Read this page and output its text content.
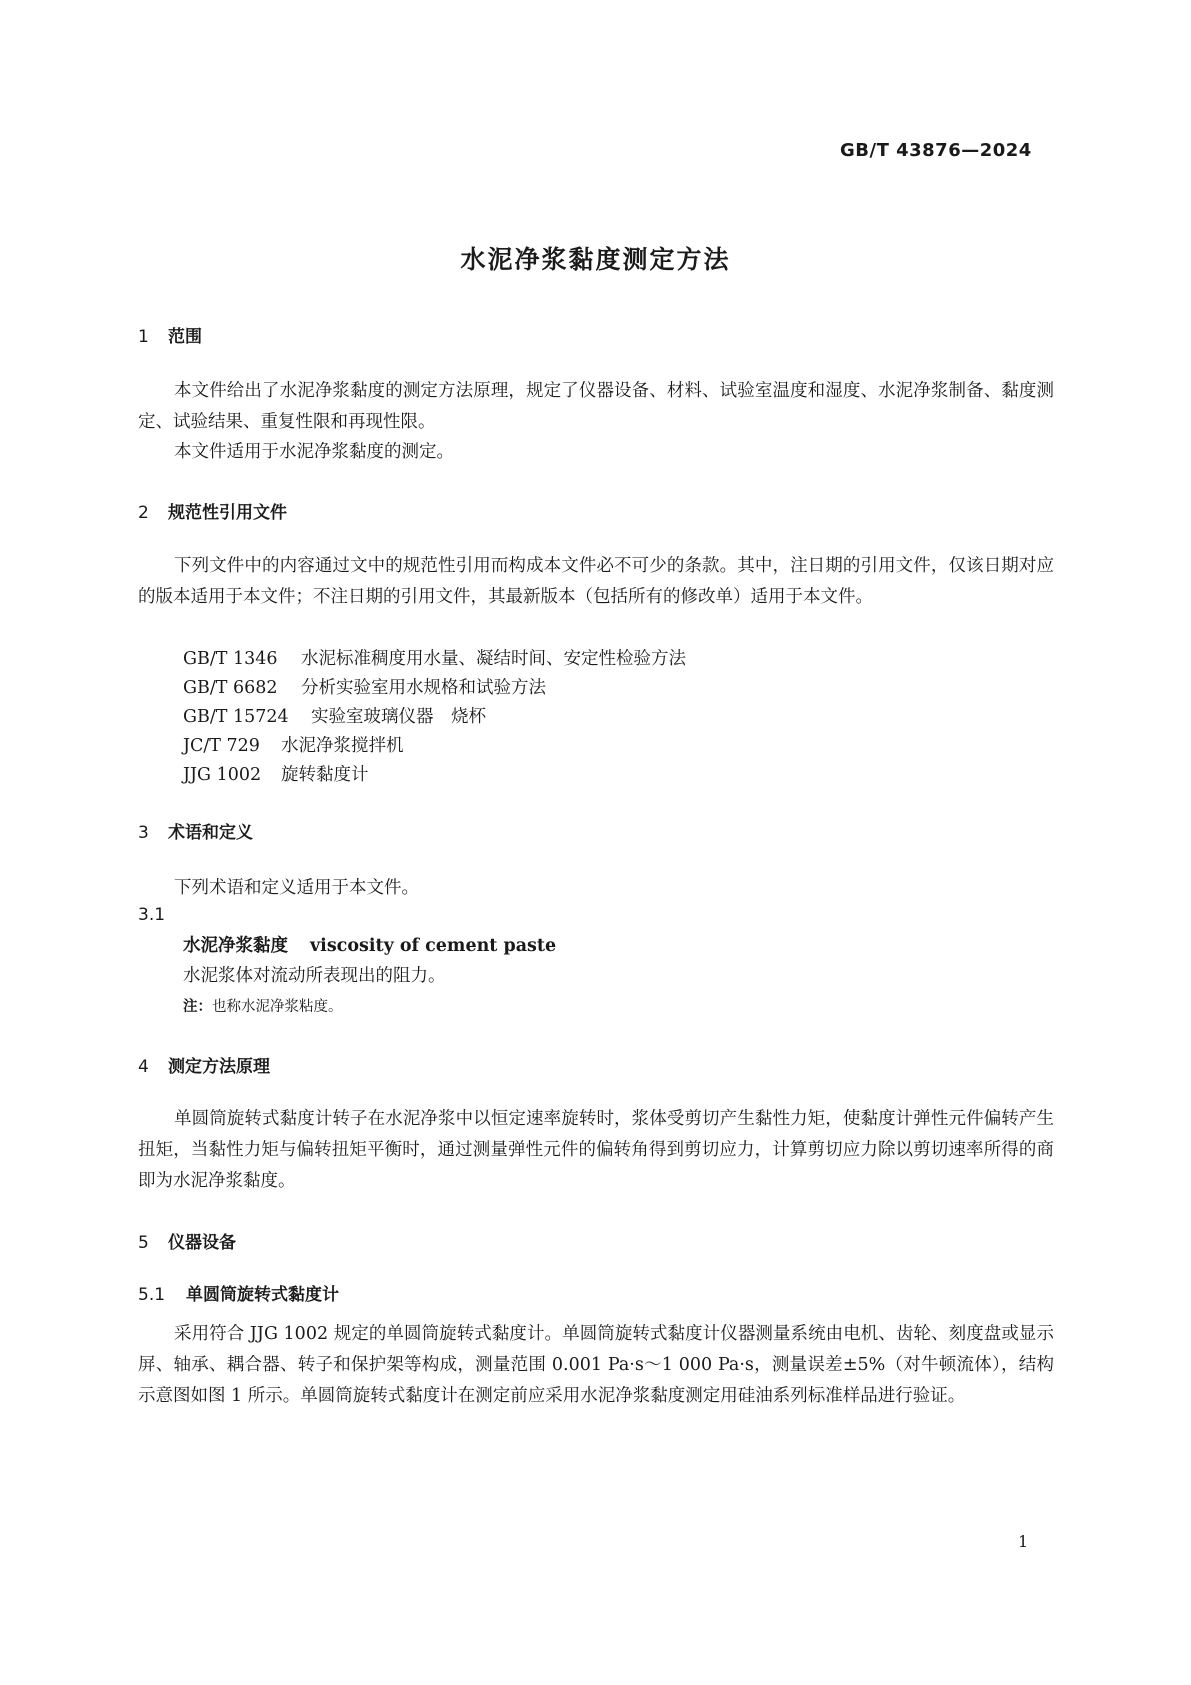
GB/T 43876—2024
水泥净浆黏度测定方法
1 范围
本文件给出了水泥净浆黏度的测定方法原理，规定了仪器设备、材料、试验室温度和湿度、水泥净浆制备、黏度测定、试验结果、重复性限和再现性限。
本文件适用于水泥净浆黏度的测定。
2 规范性引用文件
下列文件中的内容通过文中的规范性引用而构成本文件必不可少的条款。其中，注日期的引用文件，仅该日期对应的版本适用于本文件；不注日期的引用文件，其最新版本（包括所有的修改单）适用于本文件。
GB/T 1346 水泥标准稠度用水量、凝结时间、安定性检验方法
GB/T 6682 分析实验室用水规格和试验方法
GB/T 15724 实验室玻璃仪器　烧杯
JC/T 729 水泥净浆搅拌机
JJG 1002 旋转黏度计
3 术语和定义
下列术语和定义适用于本文件。
3.1
水泥净浆黏度 viscosity of cement paste
水泥浆体对流动所表现出的阻力。
注：也称水泥净浆粘度。
4 测定方法原理
单圆筒旋转式黏度计转子在水泥净浆中以恒定速率旋转时，浆体受剪切产生黏性力矩，使黏度计弹性元件偏转产生扭矩，当黏性力矩与偏转扭矩平衡时，通过测量弹性元件的偏转角得到剪切应力，计算剪切应力除以剪切速率所得的商即为水泥净浆黏度。
5 仪器设备
5.1 单圆筒旋转式黏度计
采用符合 JJG 1002 规定的单圆筒旋转式黏度计。单圆筒旋转式黏度计仪器测量系统由电机、齿轮、刻度盘或显示屏、轴承、耦合器、转子和保护架等构成，测量范围 0.001 Pa·s～1 000 Pa·s，测量误差±5%（对牛顿流体），结构示意图如图 1 所示。单圆筒旋转式黏度计在测定前应采用水泥净浆黏度测定用硅油系列标准样品进行验证。
1
